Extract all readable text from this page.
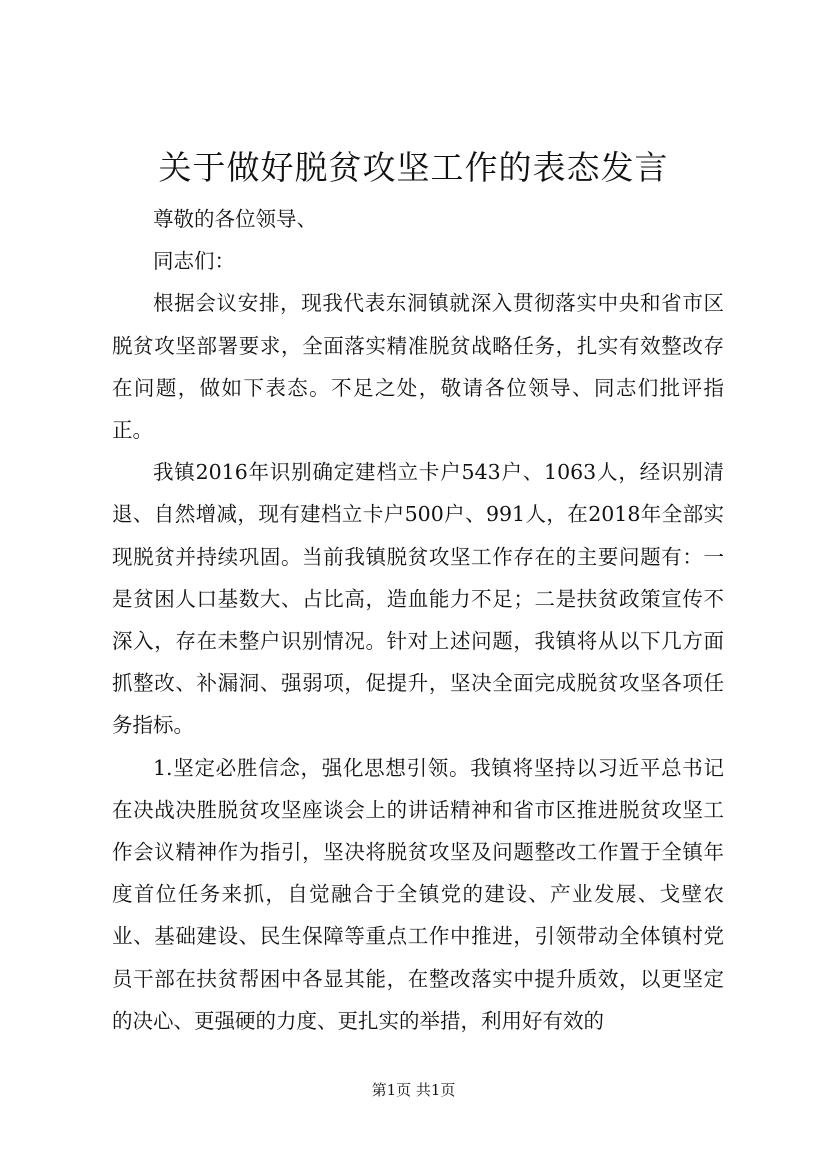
关于做好脱贫攻坚工作的表态发言

尊敬的各位领导、

同志们：

根据会议安排，现我代表东洞镇就深入贯彻落实中央和省市区脱贫攻坚部署要求，全面落实精准脱贫战略任务，扎实有效整改存在问题，做如下表态。不足之处，敬请各位领导、同志们批评指正。

我镇2016年识别确定建档立卡户543户、1063人，经识别清退、自然增减，现有建档立卡户500户、991人，在2018年全部实现脱贫并持续巩固。当前我镇脱贫攻坚工作存在的主要问题有：一是贫困人口基数大、占比高，造血能力不足；二是扶贫政策宣传不深入，存在未整户识别情况。针对上述问题，我镇将从以下几方面抓整改、补漏洞、强弱项，促提升，坚决全面完成脱贫攻坚各项任务指标。

1.坚定必胜信念，强化思想引领。我镇将坚持以习近平总书记在决战决胜脱贫攻坚座谈会上的讲话精神和省市区推进脱贫攻坚工作会议精神作为指引，坚决将脱贫攻坚及问题整改工作置于全镇年度首位任务来抓，自觉融合于全镇党的建设、产业发展、戈壁农业、基础建设、民生保障等重点工作中推进，引领带动全体镇村党员干部在扶贫帮困中各显其能，在整改落实中提升质效，以更坚定的决心、更强硬的力度、更扎实的举措，利用好有效的

第1页 共1页
